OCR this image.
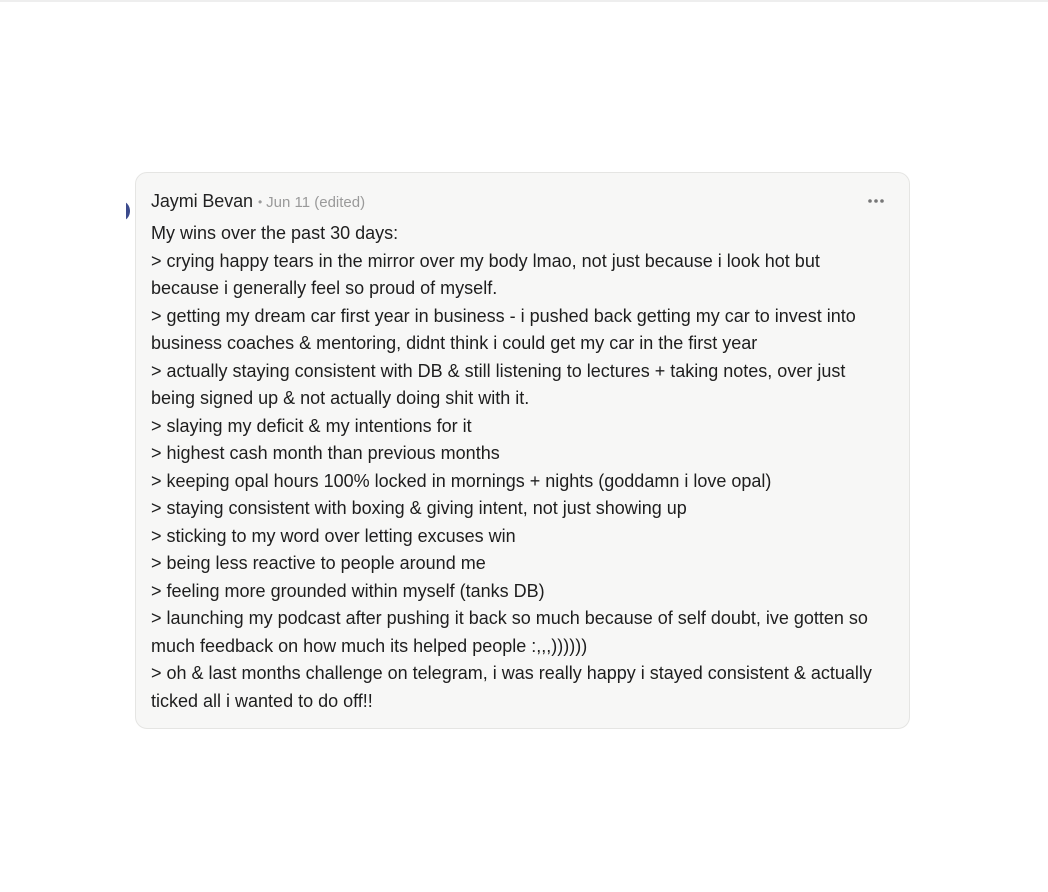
Jaymi Bevan • Jun 11 (edited)
My wins over the past 30 days:
> crying happy tears in the mirror over my body lmao, not just because i look hot but
because i generally feel so proud of myself.
> getting my dream car first year in business - i pushed back getting my car to invest into
business coaches & mentoring, didnt think i could get my car in the first year
> actually staying consistent with DB & still listening to lectures + taking notes, over just
being signed up & not actually doing shit with it.
> slaying my deficit & my intentions for it
> highest cash month than previous months
> keeping opal hours 100% locked in mornings + nights (goddamn i love opal)
> staying consistent with boxing & giving intent, not just showing up
> sticking to my word over letting excuses win
> being less reactive to people around me
> feeling more grounded within myself (tanks DB)
> launching my podcast after pushing it back so much because of self doubt, ive gotten so
much feedback on how much its helped people :,,,))))))
> oh & last months challenge on telegram, i was really happy i stayed consistent & actually
ticked all i wanted to do off!!
